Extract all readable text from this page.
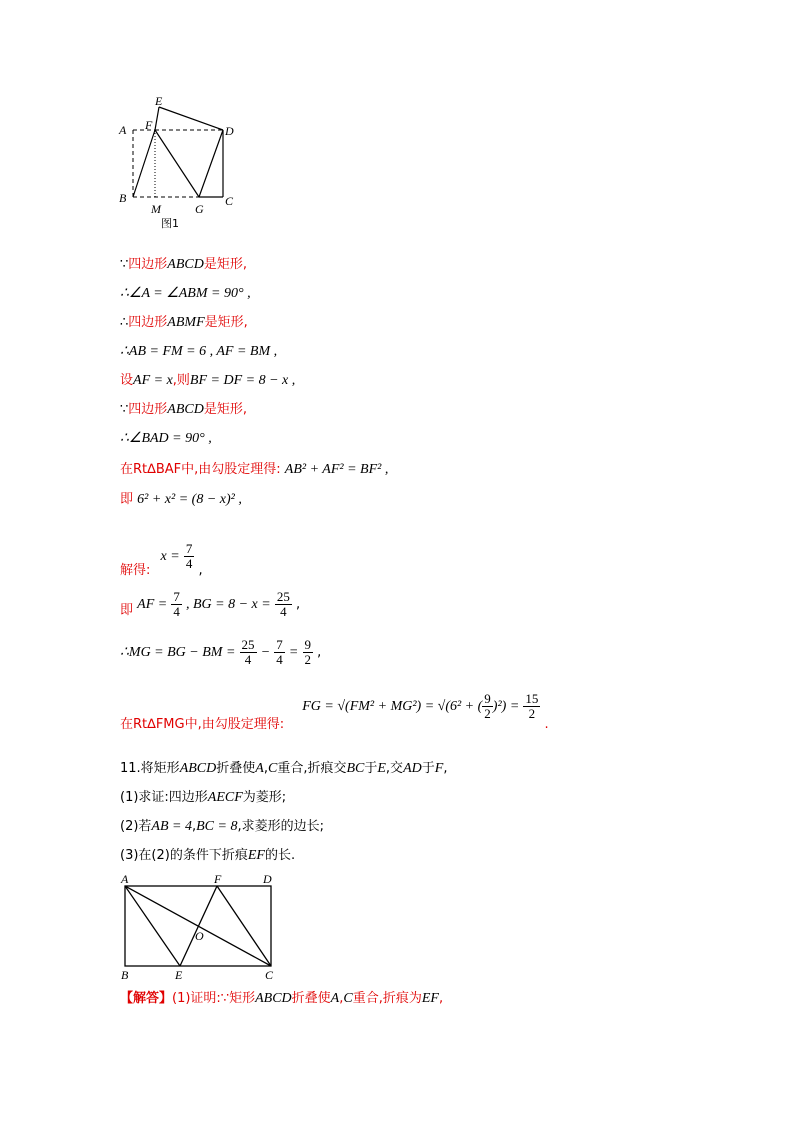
A F
E
D
B
M	G
C
图1
∵四边形ABCD是矩形,
∴∠A = ∠ABM = 90° ,
∴四边形ABMF是矩形,
∴AB = FM = 6 , AF = BM ,
设AF = x,则BF = DF = 8 − x ,
∵四边形ABCD是矩形,
∴∠BAD = 90° ,
在Rt∆BAF中,由勾股定理得: AB² + AF² = BF² ,
即 6² + x² = (8 − x)² ,
解得: $x = \frac{7}{4}$ ,
即 AF = $\frac{7}{4}$ , BG = $8 - x = \frac{25}{4}$ ,
∴MG = BG − BM = $\frac{25}{4} - \frac{7}{4} = \frac{9}{2}$ ,
在Rt∆FMG中,由勾股定理得: FG = √(FM² + MG²) = √(6² + ( $\frac{9}{2} )^2) = \frac{15}{2}$
.
11.将矩形ABCD折叠使A,C重合,折痕交BC于E,交AD于F,
(1)求证:四边形AECF为菱形;
(2)若AB = 4,BC = 8,求菱形的边长;
(3)在(2)的条件下折痕EF的长.
A	F	D
O
B	E	C
【解答】(1)证明:∵矩形ABCD折叠使A,C重合,折痕为EF,
